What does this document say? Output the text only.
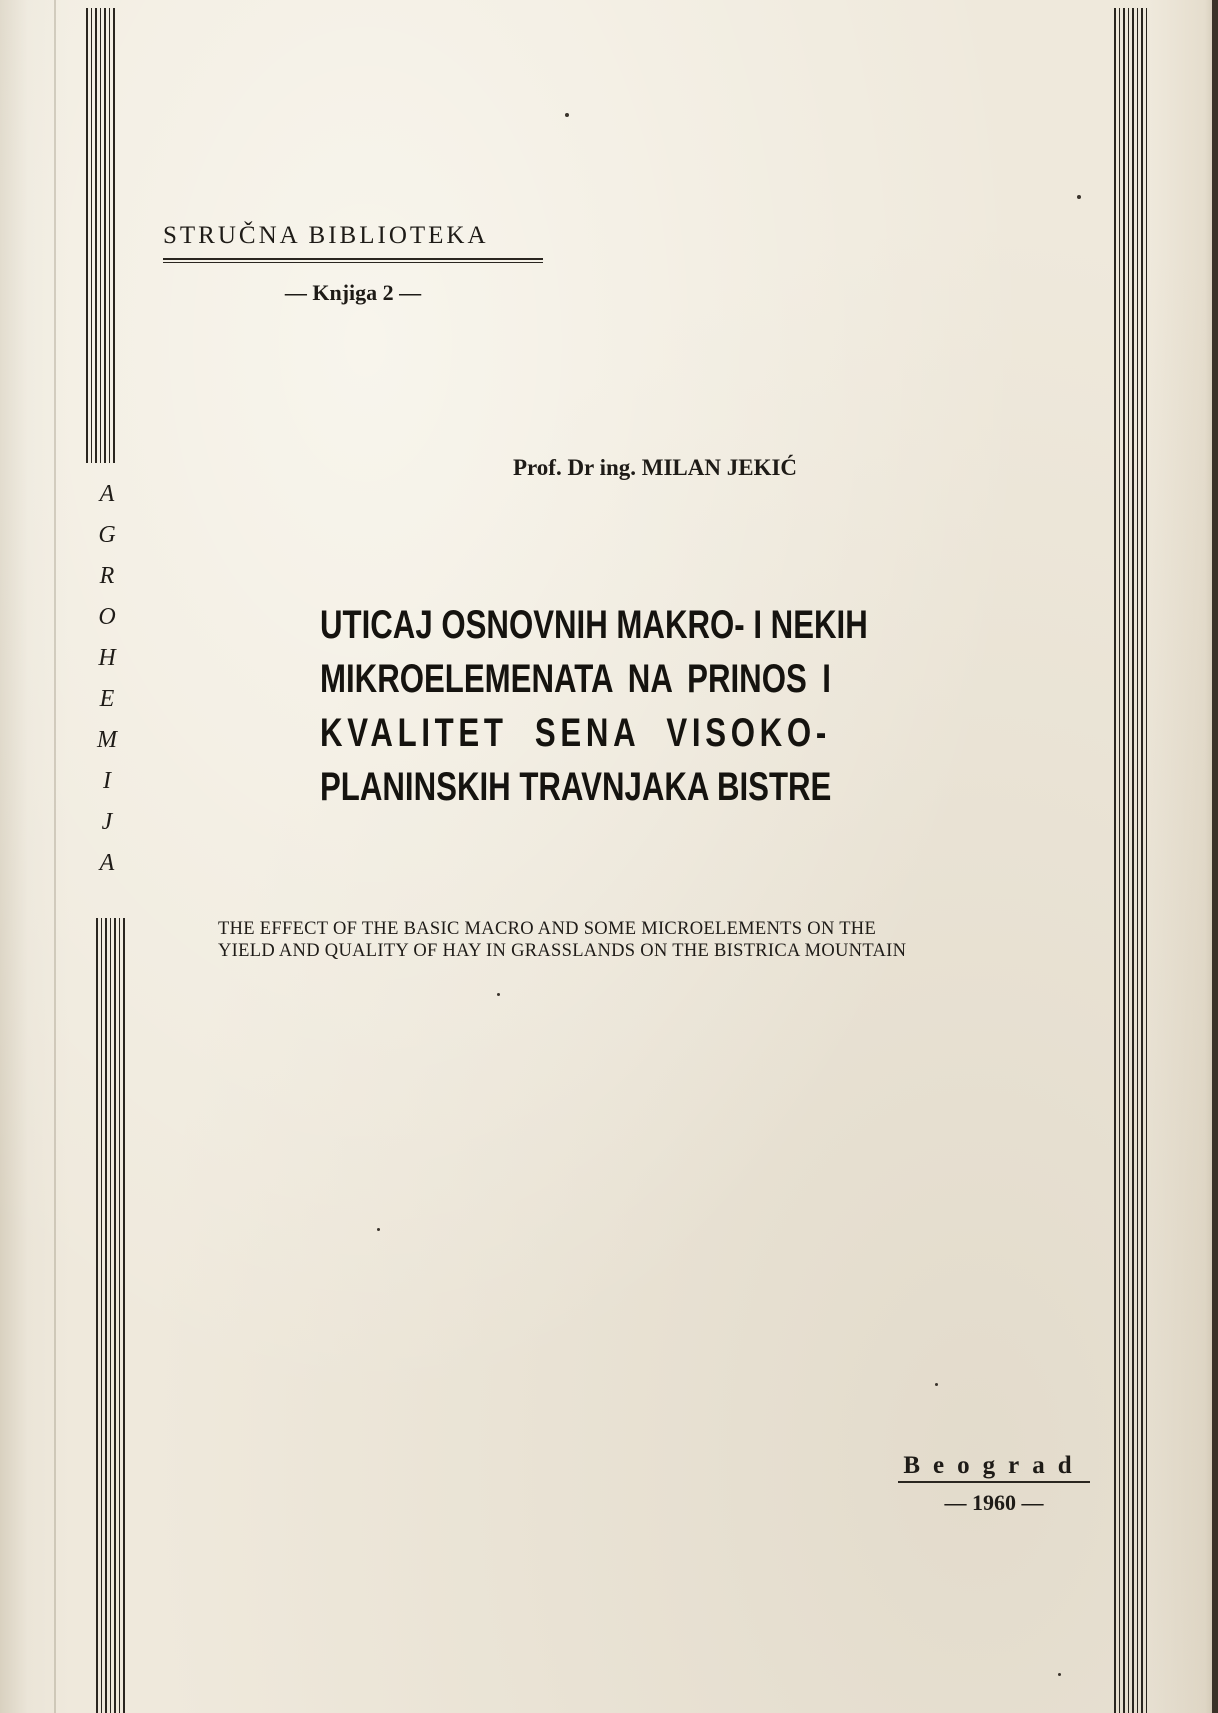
A
G
R
O
H
E
M
I
J
A
STRUČNA BIBLIOTEKA
— Knjiga 2 —
Prof. Dr ing. MILAN JEKIĆ
UTICAJ OSNOVNIH MAKRO- I NEKIH
MIKROELEMENATA NA PRINOS I
KVALITET SENA VISOKO-
PLANINSKIH TRAVNJAKA BISTRE
THE EFFECT OF THE BASIC MACRO AND SOME MICROELEMENTS ON THE
YIELD AND QUALITY OF HAY IN GRASSLANDS ON THE BISTRICA MOUNTAIN
Beograd
— 1960 —
